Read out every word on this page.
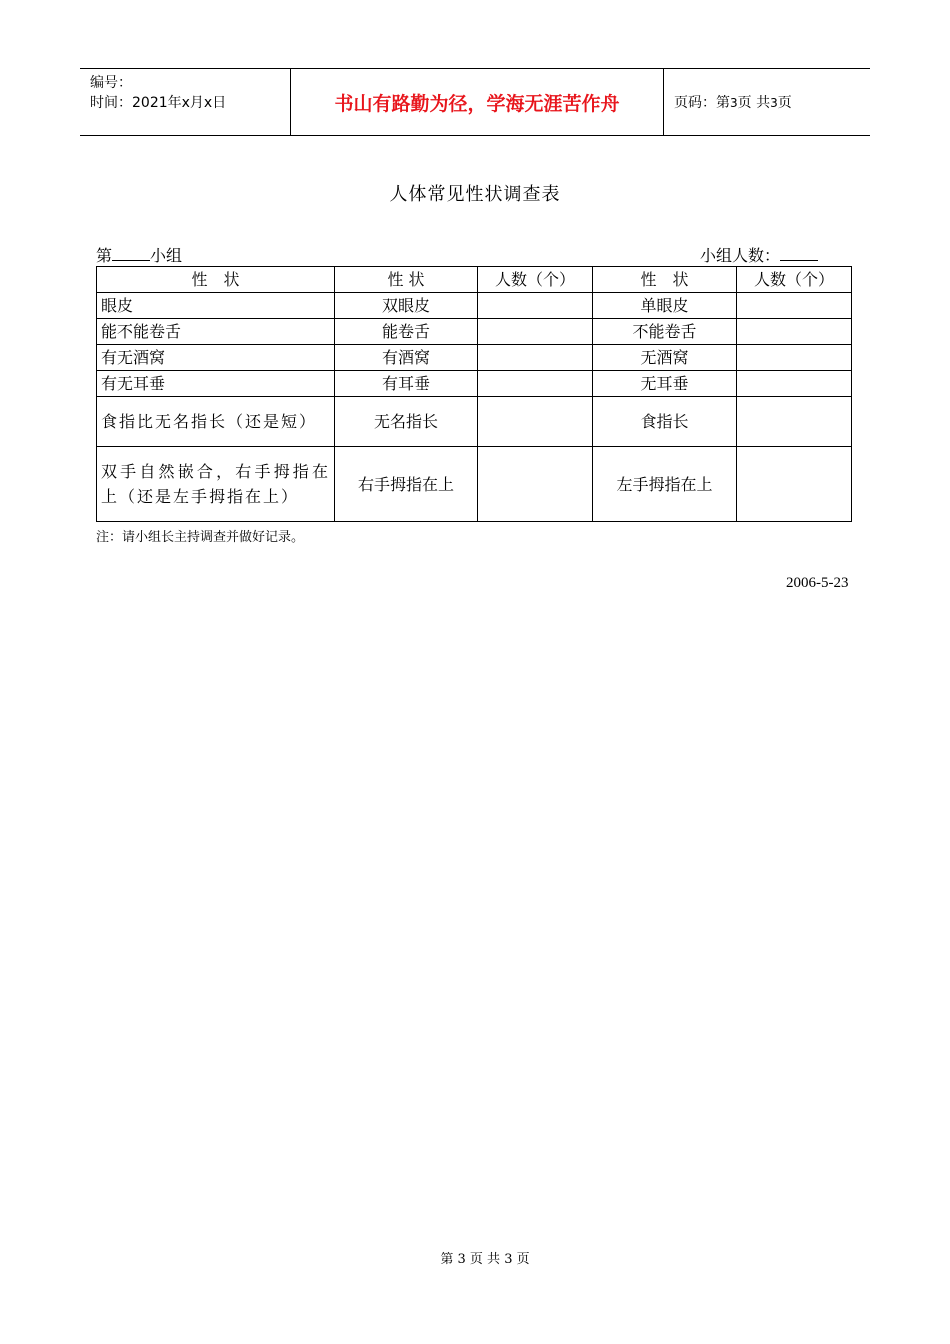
编号：
时间：2021年x月x日	书山有路勤为径，学海无涯苦作舟	页码：第3页 共3页
人体常见性状调查表
第 小组	小组人数：
性　状	性 状	人数（个）	性　状	人数（个）
眼皮	双眼皮		单眼皮	
能不能卷舌	能卷舌		不能卷舌	
有无酒窝	有酒窝		无酒窝	
有无耳垂	有耳垂		无耳垂	
食指比无名指长（还是短）	无名指长		食指长	
双手自然嵌合，右手拇指在上（还是左手拇指在上）	右手拇指在上		左手拇指在上	
注：请小组长主持调查并做好记录。
2006-5-23
第 3 页 共 3 页
